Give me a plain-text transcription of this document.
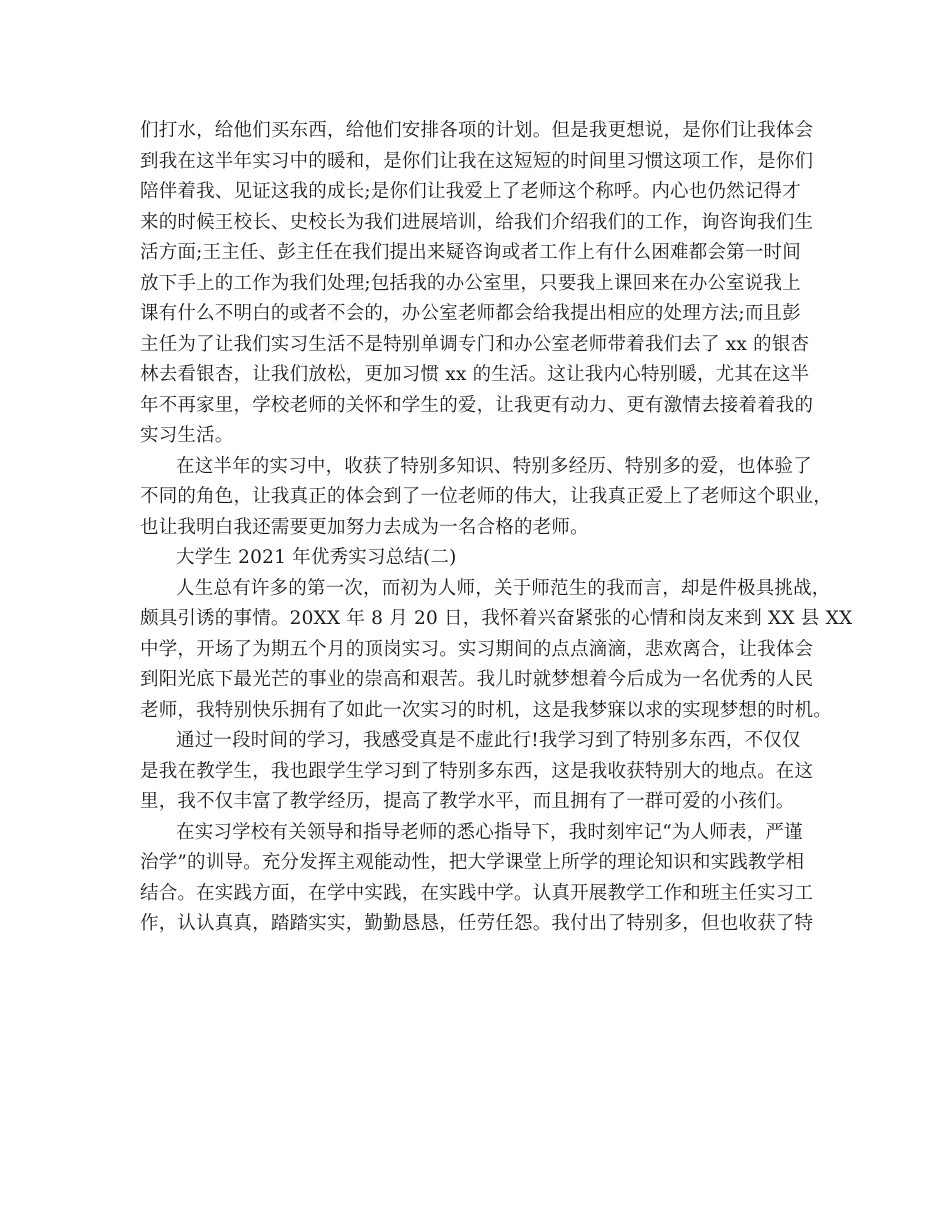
们打水，给他们买东西，给他们安排各项的计划。但是我更想说，是你们让我体会
到我在这半年实习中的暖和，是你们让我在这短短的时间里习惯这项工作，是你们
陪伴着我、见证这我的成长;是你们让我爱上了老师这个称呼。内心也仍然记得才
来的时候王校长、史校长为我们进展培训，给我们介绍我们的工作，询咨询我们生
活方面;王主任、彭主任在我们提出来疑咨询或者工作上有什么困难都会第一时间
放下手上的工作为我们处理;包括我的办公室里，只要我上课回来在办公室说我上
课有什么不明白的或者不会的，办公室老师都会给我提出相应的处理方法;而且彭
主任为了让我们实习生活不是特别单调专门和办公室老师带着我们去了 xx 的银杏
林去看银杏，让我们放松，更加习惯 xx 的生活。这让我内心特别暖，尤其在这半
年不再家里，学校老师的关怀和学生的爱，让我更有动力、更有激情去接着着我的
实习生活。
在这半年的实习中，收获了特别多知识、特别多经历、特别多的爱，也体验了
不同的角色，让我真正的体会到了一位老师的伟大，让我真正爱上了老师这个职业，
也让我明白我还需要更加努力去成为一名合格的老师。
大学生 2021 年优秀实习总结(二)
人生总有许多的第一次，而初为人师，关于师范生的我而言，却是件极具挑战，
颇具引诱的事情。20XX 年 8 月 20 日，我怀着兴奋紧张的心情和岗友来到 XX 县 XX
中学，开场了为期五个月的顶岗实习。实习期间的点点滴滴，悲欢离合，让我体会
到阳光底下最光芒的事业的崇高和艰苦。我儿时就梦想着今后成为一名优秀的人民
老师，我特别快乐拥有了如此一次实习的时机，这是我梦寐以求的实现梦想的时机。
通过一段时间的学习，我感受真是不虚此行!我学习到了特别多东西，不仅仅
是我在教学生，我也跟学生学习到了特别多东西，这是我收获特别大的地点。在这
里，我不仅丰富了教学经历，提高了教学水平，而且拥有了一群可爱的小孩们。
在实习学校有关领导和指导老师的悉心指导下，我时刻牢记“为人师表，严谨
治学”的训导。充分发挥主观能动性，把大学课堂上所学的理论知识和实践教学相
结合。在实践方面，在学中实践，在实践中学。认真开展教学工作和班主任实习工
作，认认真真，踏踏实实，勤勤恳恳，任劳任怨。我付出了特别多，但也收获了特
